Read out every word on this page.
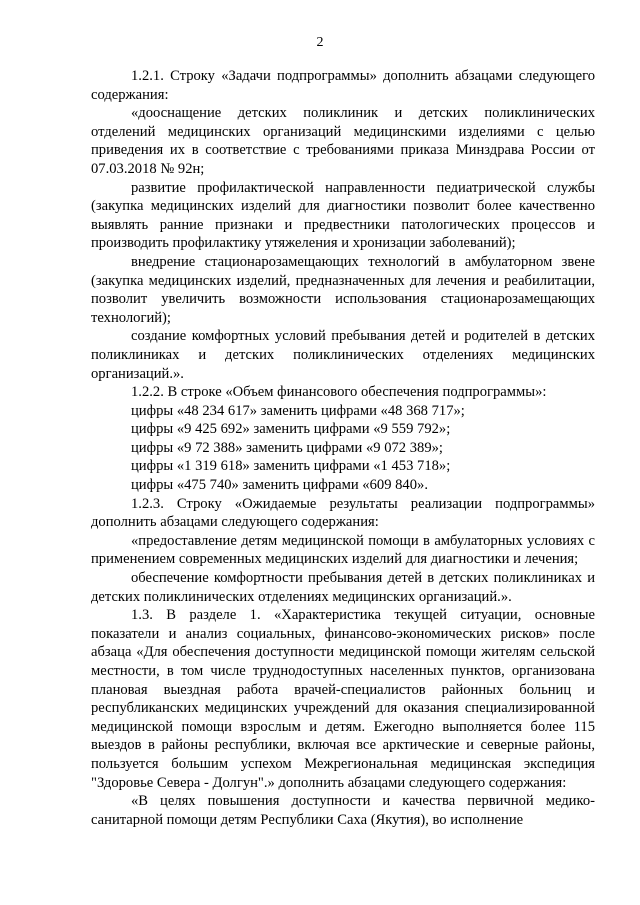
2

1.2.1. Строку «Задачи подпрограммы» дополнить абзацами следующего содержания:

«дооснащение детских поликлиник и детских поликлинических отделений медицинских организаций медицинскими изделиями с целью приведения их в соответствие с требованиями приказа Минздрава России от 07.03.2018 № 92н;

развитие профилактической направленности педиатрической службы (закупка медицинских изделий для диагностики позволит более качественно выявлять ранние признаки и предвестники патологических процессов и производить профилактику утяжеления и хронизации заболеваний);

внедрение стационарозамещающих технологий в амбулаторном звене (закупка медицинских изделий, предназначенных для лечения и реабилитации, позволит увеличить возможности использования стационарозамещающих технологий);

создание комфортных условий пребывания детей и родителей в детских поликлиниках и детских поликлинических отделениях медицинских организаций.».

1.2.2. В строке «Объем финансового обеспечения подпрограммы»:

цифры «48 234 617» заменить цифрами «48 368 717»;

цифры «9 425 692» заменить цифрами «9 559 792»;

цифры «9 72 388» заменить цифрами «9 072 389»;

цифры «1 319 618» заменить цифрами «1 453 718»;

цифры «475 740» заменить цифрами «609 840».

1.2.3. Строку «Ожидаемые результаты реализации подпрограммы» дополнить абзацами следующего содержания:

«предоставление детям медицинской помощи в амбулаторных условиях с применением современных медицинских изделий для диагностики и лечения;

обеспечение комфортности пребывания детей в детских поликлиниках и детских поликлинических отделениях медицинских организаций.».

1.3. В разделе 1. «Характеристика текущей ситуации, основные показатели и анализ социальных, финансово-экономических рисков» после абзаца «Для обеспечения доступности медицинской помощи жителям сельской местности, в том числе труднодоступных населенных пунктов, организована плановая выездная работа врачей-специалистов районных больниц и республиканских медицинских учреждений для оказания специализированной медицинской помощи взрослым и детям. Ежегодно выполняется более 115 выездов в районы республики, включая все арктические и северные районы, пользуется большим успехом Межрегиональная медицинская экспедиция "Здоровье Севера - Долгун".» дополнить абзацами следующего содержания:

«В целях повышения доступности и качества первичной медико-санитарной помощи детям Республики Саха (Якутия), во исполнение
